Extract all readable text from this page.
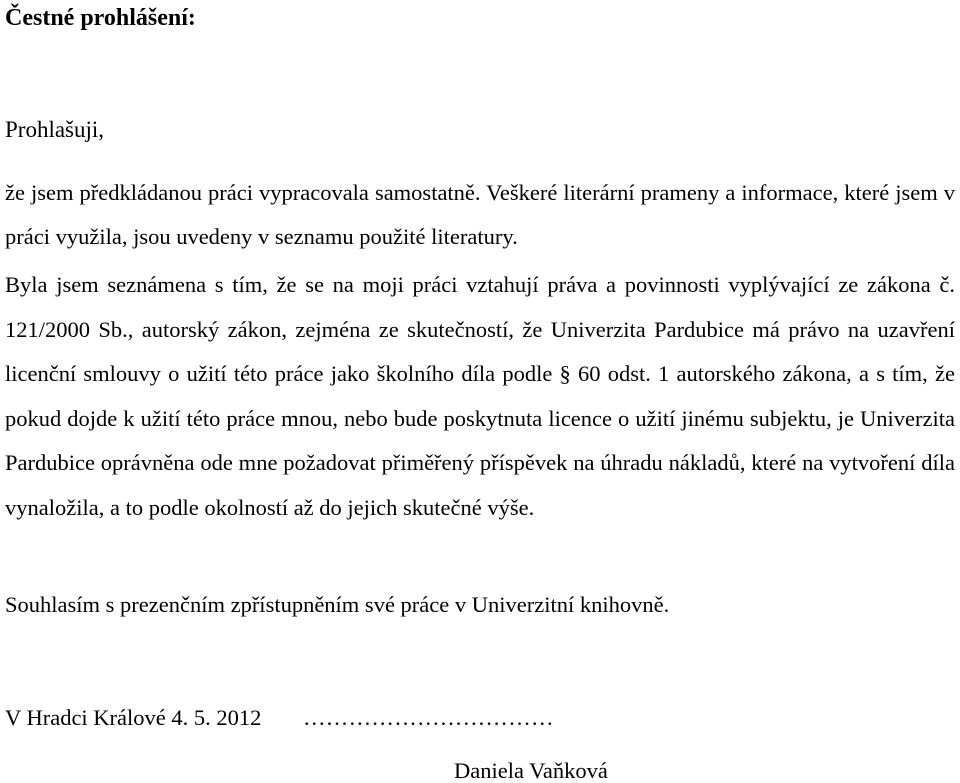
Čestné prohlášení:

Prohlašuji,

že jsem předkládanou práci vypracovala samostatně. Veškeré literární prameny a informace, které jsem v práci využila, jsou uvedeny v seznamu použité literatury.

Byla jsem seznámena s tím, že se na moji práci vztahují práva a povinnosti vyplývající ze zákona č. 121/2000 Sb., autorský zákon, zejména ze skutečností, že Univerzita Pardubice má právo na uzavření licenční smlouvy o užití této práce jako školního díla podle § 60 odst. 1 autorského zákona, a s tím, že pokud dojde k užití této práce mnou, nebo bude poskytnuta licence o užití jinému subjektu, je Univerzita Pardubice oprávněna ode mne požadovat přiměřený příspěvek na úhradu nákladů, které na vytvoření díla vynaložila, a to podle okolností až do jejich skutečné výše.

Souhlasím s prezenčním zpřístupněním své práce v Univerzitní knihovně.

V Hradci Králové 4. 5. 2012 ……………………………

Daniela Vaňková
